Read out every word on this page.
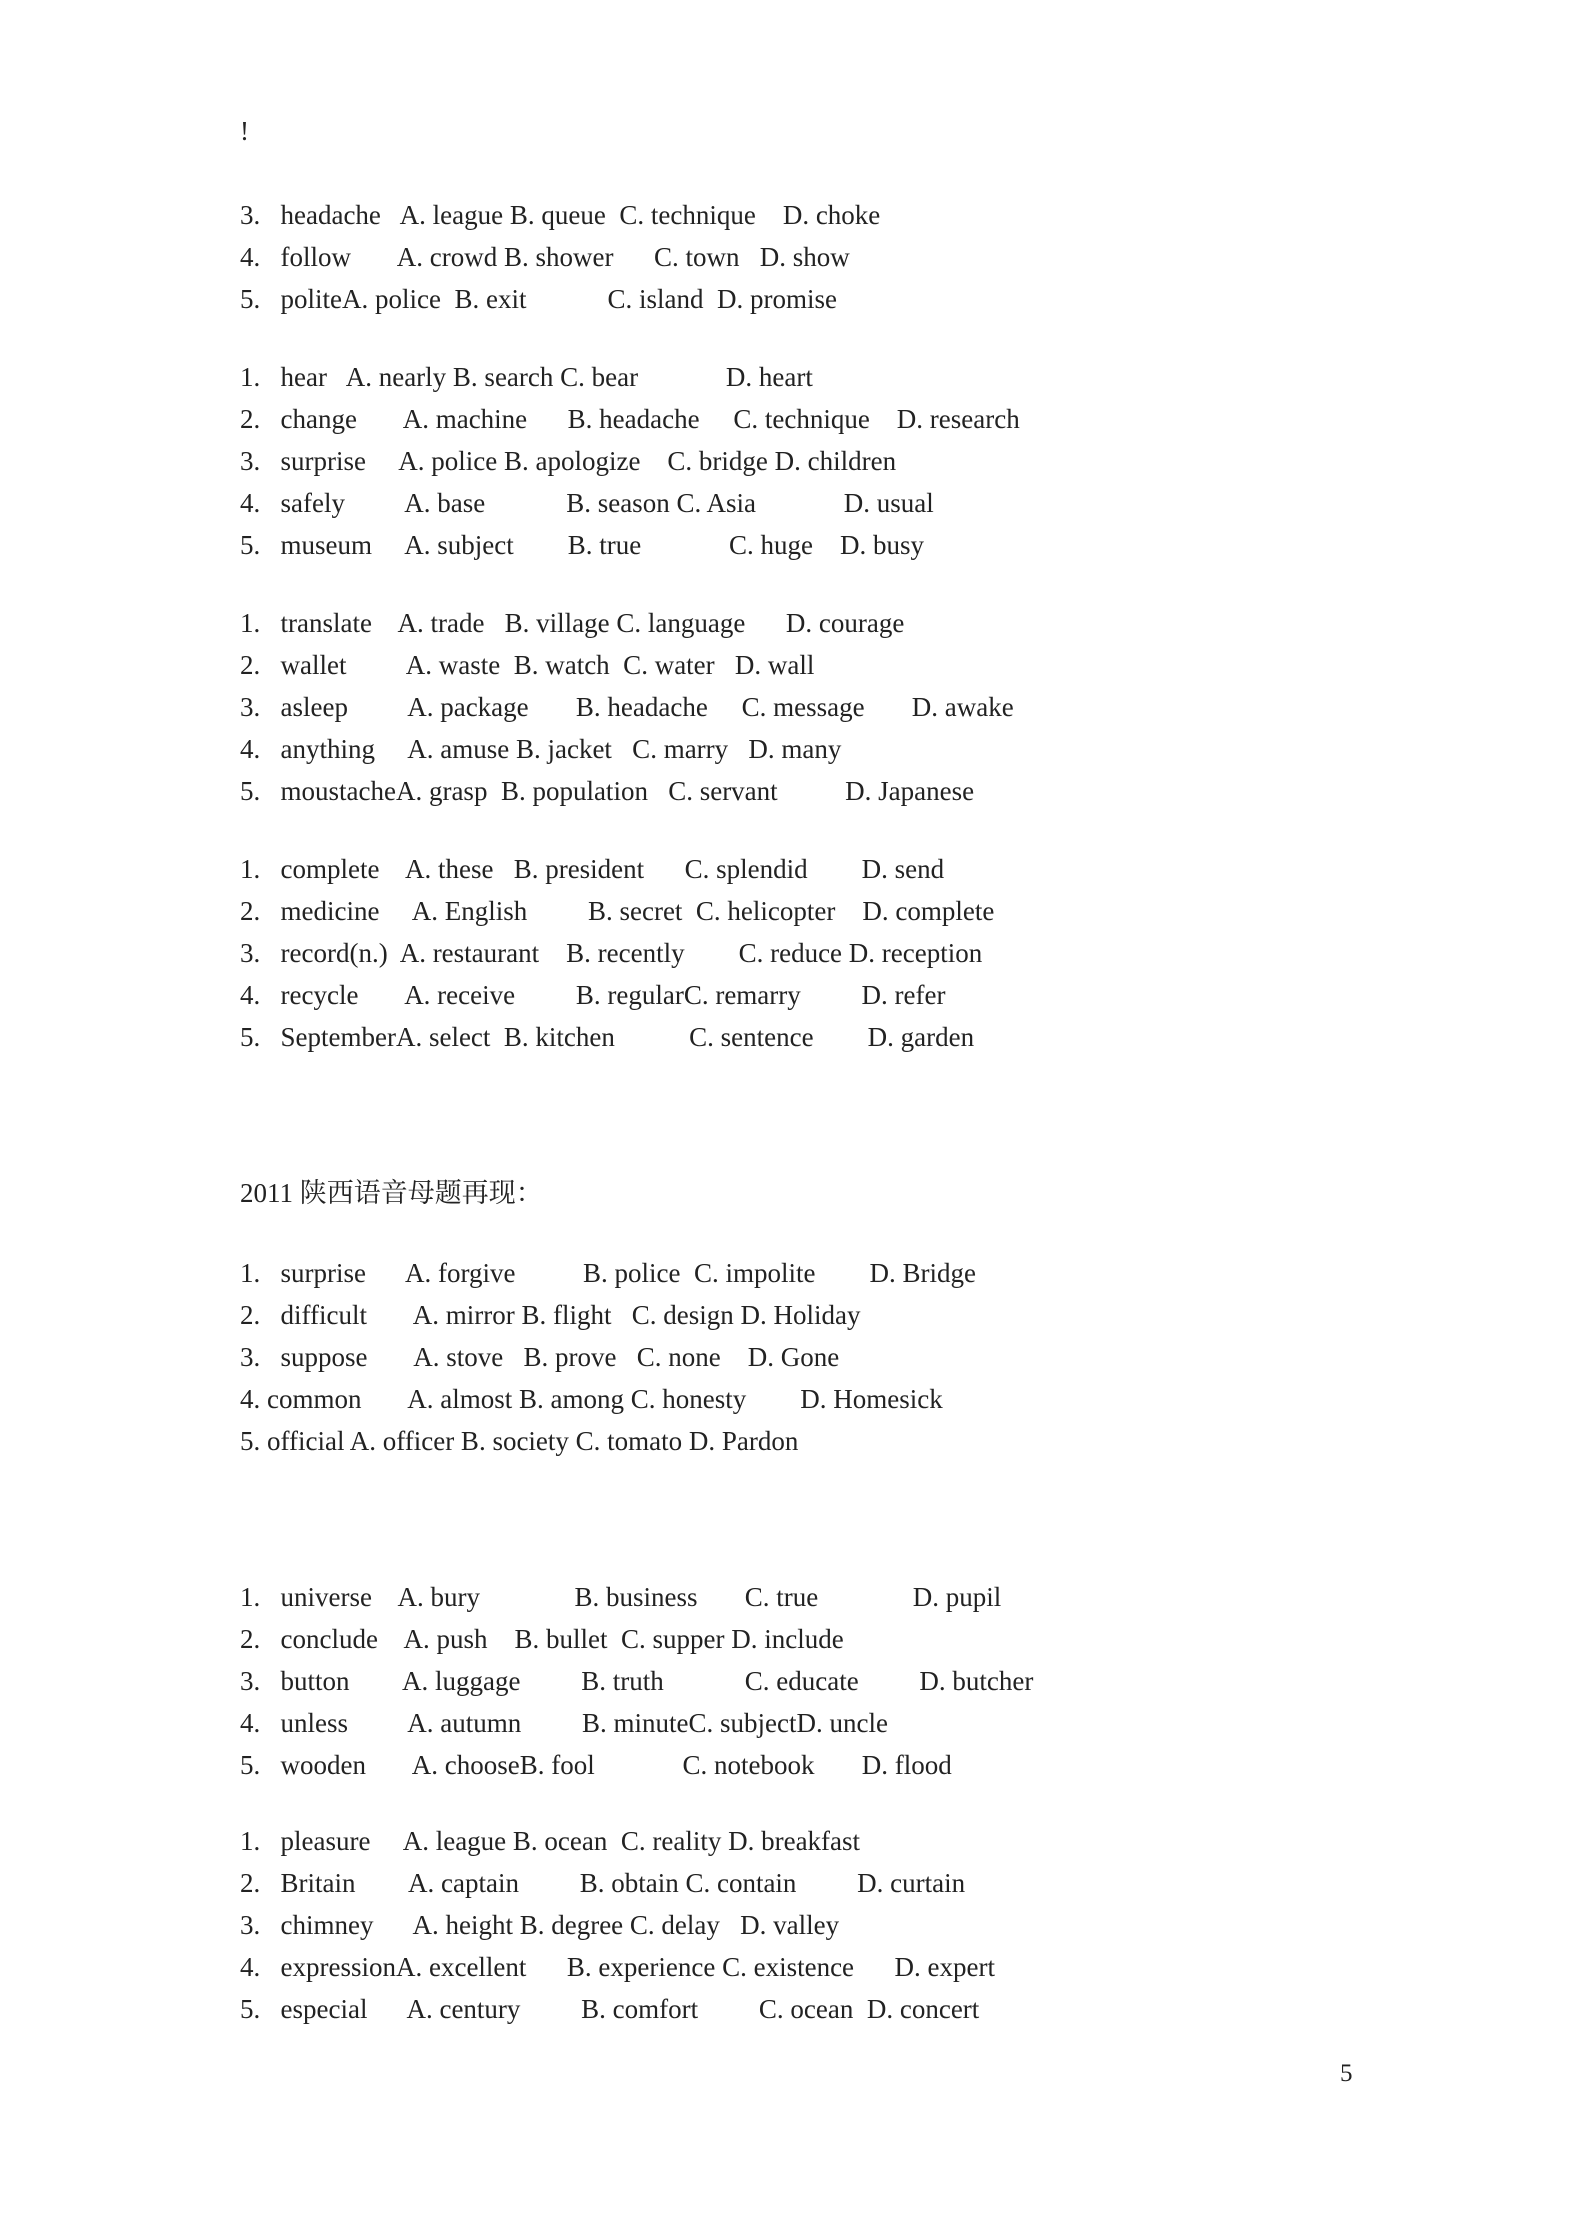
!
3.   headache   A. league B. queue  C. technique    D. choke
4.   follow       A. crowd B. shower      C. town   D. show
5.   politeA. police  B. exit            C. island  D. promise
1.   hear   A. nearly B. search C. bear             D. heart
2.   change       A. machine      B. headache     C. technique    D. research
3.   surprise     A. police B. apologize    C. bridge D. children
4.   safely         A. base            B. season C. Asia             D. usual
5.   museum     A. subject        B. true             C. huge    D. busy
1.   translate    A. trade   B. village C. language      D. courage
2.   wallet         A. waste  B. watch  C. water   D. wall
3.   asleep         A. package       B. headache     C. message       D. awake
4.   anything     A. amuse B. jacket   C. marry   D. many
5.   moustacheA. grasp  B. population   C. servant          D. Japanese
1.   complete    A. these   B. president      C. splendid        D. send
2.   medicine     A. English         B. secret  C. helicopter    D. complete
3.   record(n.)  A. restaurant    B. recently        C. reduce D. reception
4.   recycle       A. receive         B. regularC. remarry         D. refer
5.   SeptemberA. select  B. kitchen           C. sentence        D. garden
2011 陕西语音母题再现：
1.   surprise      A. forgive          B. police  C. impolite        D. Bridge
2.   difficult       A. mirror B. flight   C. design D. Holiday
3.   suppose       A. stove   B. prove   C. none    D. Gone
4. common       A. almost B. among C. honesty        D. Homesick
5. official A. officer B. society C. tomato D. Pardon
1.   universe    A. bury              B. business       C. true              D. pupil
2.   conclude    A. push    B. bullet  C. supper D. include
3.   button        A. luggage         B. truth            C. educate         D. butcher
4.   unless         A. autumn         B. minuteC. subjectD. uncle
5.   wooden       A. chooseB. fool             C. notebook       D. flood
1.   pleasure     A. league B. ocean  C. reality D. breakfast
2.   Britain        A. captain         B. obtain C. contain         D. curtain
3.   chimney      A. height B. degree C. delay   D. valley
4.   expressionA. excellent      B. experience C. existence      D. expert
5.   especial      A. century         B. comfort         C. ocean  D. concert
5
